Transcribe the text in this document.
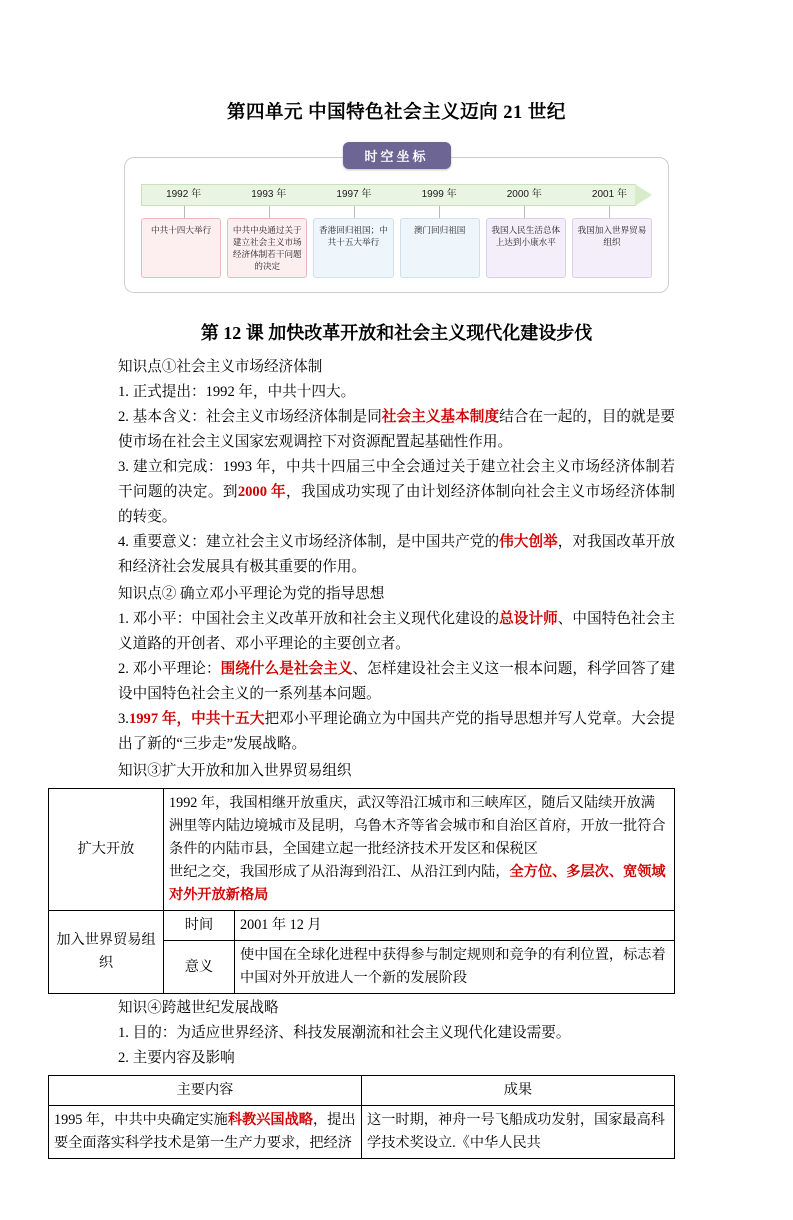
第四单元 中国特色社会主义迈向 21 世纪
时空坐标
1992 年	1993 年	1997 年	1999 年	2000 年	2001 年
中共十四大举行	中共中央通过关于建立社会主义市场经济体制若干问题的决定
香港回归祖国；中共十五大举行
澳门回归祖国	我国人民生活总体上达到小康水平
我国加入世界贸易组织
第 12 课 加快改革开放和社会主义现代化建设步伐
知识点①社会主义市场经济体制
1. 正式提出：1992 年，中共十四大。
2. 基本含义：社会主义市场经济体制是同社会主义基本制度结合在一起的，目的就是要使市场在社会主义国家宏观调控下对资源配置起基础性作用。
3. 建立和完成：1993 年，中共十四届三中全会通过关于建立社会主义市场经济体制若干问题的决定。到2000 年，我国成功实现了由计划经济体制向社会主义市场经济体制的转变。
4. 重要意义：建立社会主义市场经济体制，是中国共产党的伟大创举，对我国改革开放和经济社会发展具有极其重要的作用。
知识点② 确立邓小平理论为党的指导思想
1. 邓小平：中国社会主义改革开放和社会主义现代化建设的总设计师、中国特色社会主义道路的开创者、邓小平理论的主要创立者。
2. 邓小平理论：围绕什么是社会主义、怎样建设社会主义这一根本问题，科学回答了建设中国特色社会主义的一系列基本问题。
3.1997 年，中共十五大把邓小平理论确立为中国共产党的指导思想并写人党章。大会提出了新的“三步走”发展战略。
知识③扩大开放和加入世界贸易组织
扩大开放	1992 年，我国相继开放重庆，武汉等沿江城市和三峡库区，随后又陆续开放满洲里等内陆边境城市及昆明，乌鲁木齐等省会城市和自治区首府，开放一批符合条件的内陆市县，全国建立起一批经济技术开发区和保税区
世纪之交，我国形成了从沿海到沿江、从沿江到内陆，全方位、多层次、宽领域对外开放新格局	

加入世界贸易组织	时间	2001 年 12 月
	意义	使中国在全球化进程中获得参与制定规则和竞争的有利位置，标志着中国对外开放进人一个新的发展阶段
知识④跨越世纪发展战略
1. 目的：为适应世界经济、科技发展潮流和社会主义现代化建设需要。
2. 主要内容及影响
主要内容	成果
1995 年，中共中央确定实施科教兴国战略，提出要全面落实科学技术是第一生产力要求，把经济	这一时期，神舟一号飞船成功发射，国家最高科学技术奖设立.《中华人民共
